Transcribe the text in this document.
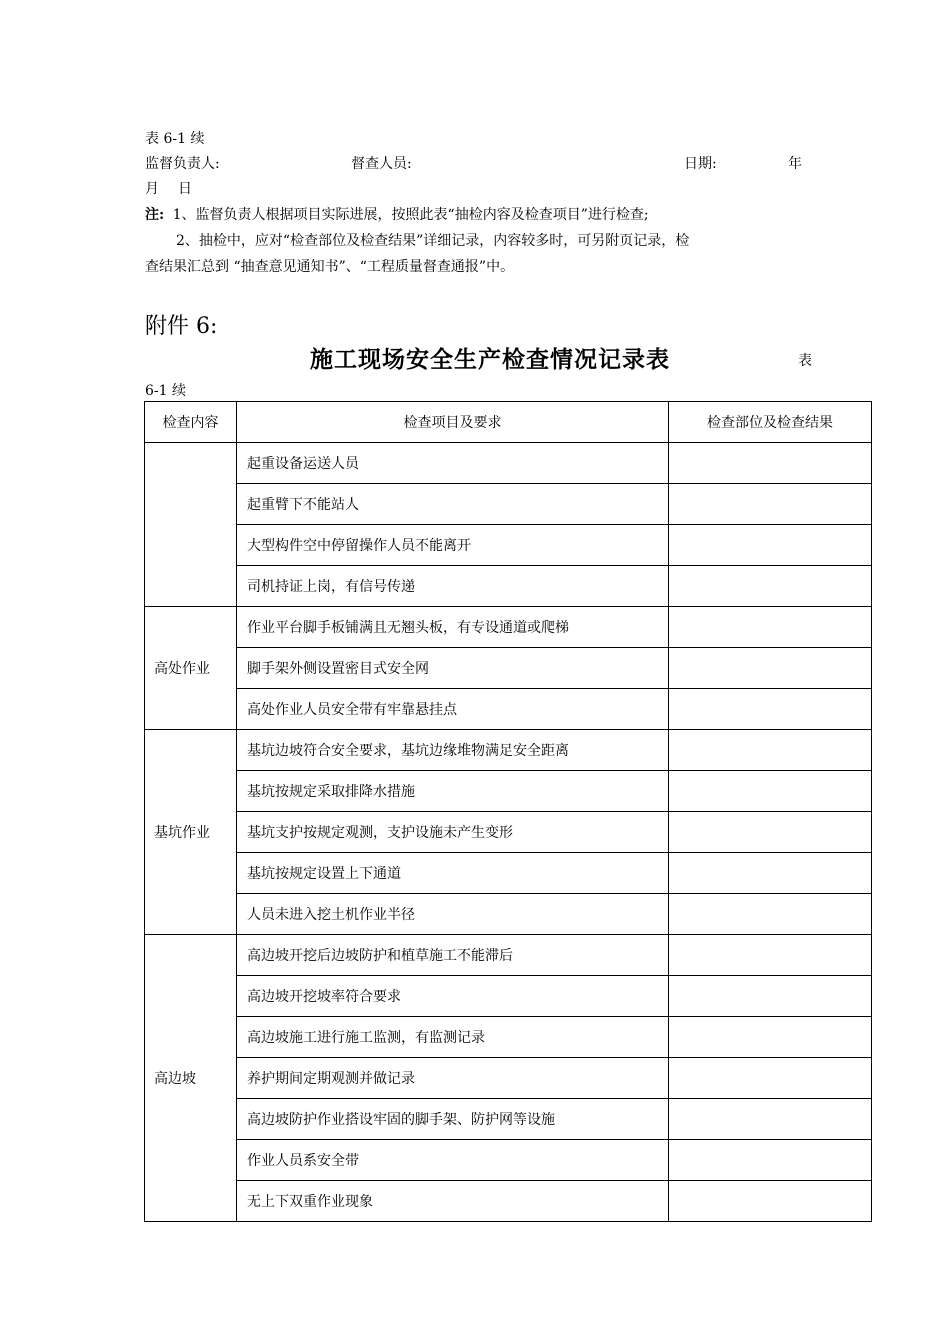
表 6-1 续
监督负责人:	督查人员:	日期:	年
月 日
注: 1、监督负责人根据项目实际进展，按照此表“抽检内容及检查项目”进行检查;
2、抽检中，应对“检查部位及检查结果”详细记录，内容较多时，可另附页记录，检
查结果汇总到 “抽查意见通知书”、“工程质量督查通报”中。
附件 6:
施工现场安全生产检查情况记录表	表
6-1 续
检查内容	检查项目及要求	检查部位及检查结果
	起重设备运送人员	
	起重臂下不能站人	
	大型构件空中停留操作人员不能离开	
	司机持证上岗，有信号传递	
高处作业	作业平台脚手板铺满且无翘头板，有专设通道或爬梯	
	脚手架外侧设置密目式安全网	
	高处作业人员安全带有牢靠悬挂点	
基坑作业	基坑边坡符合安全要求，基坑边缘堆物满足安全距离	
	基坑按规定采取排降水措施	
	基坑支护按规定观测，支护设施未产生变形	
	基坑按规定设置上下通道	
	人员未进入挖土机作业半径	
高边坡	高边坡开挖后边坡防护和植草施工不能滞后	
	高边坡开挖坡率符合要求	
	高边坡施工进行施工监测，有监测记录	
	养护期间定期观测并做记录	
	高边坡防护作业搭设牢固的脚手架、防护网等设施	
	作业人员系安全带	
	无上下双重作业现象	
